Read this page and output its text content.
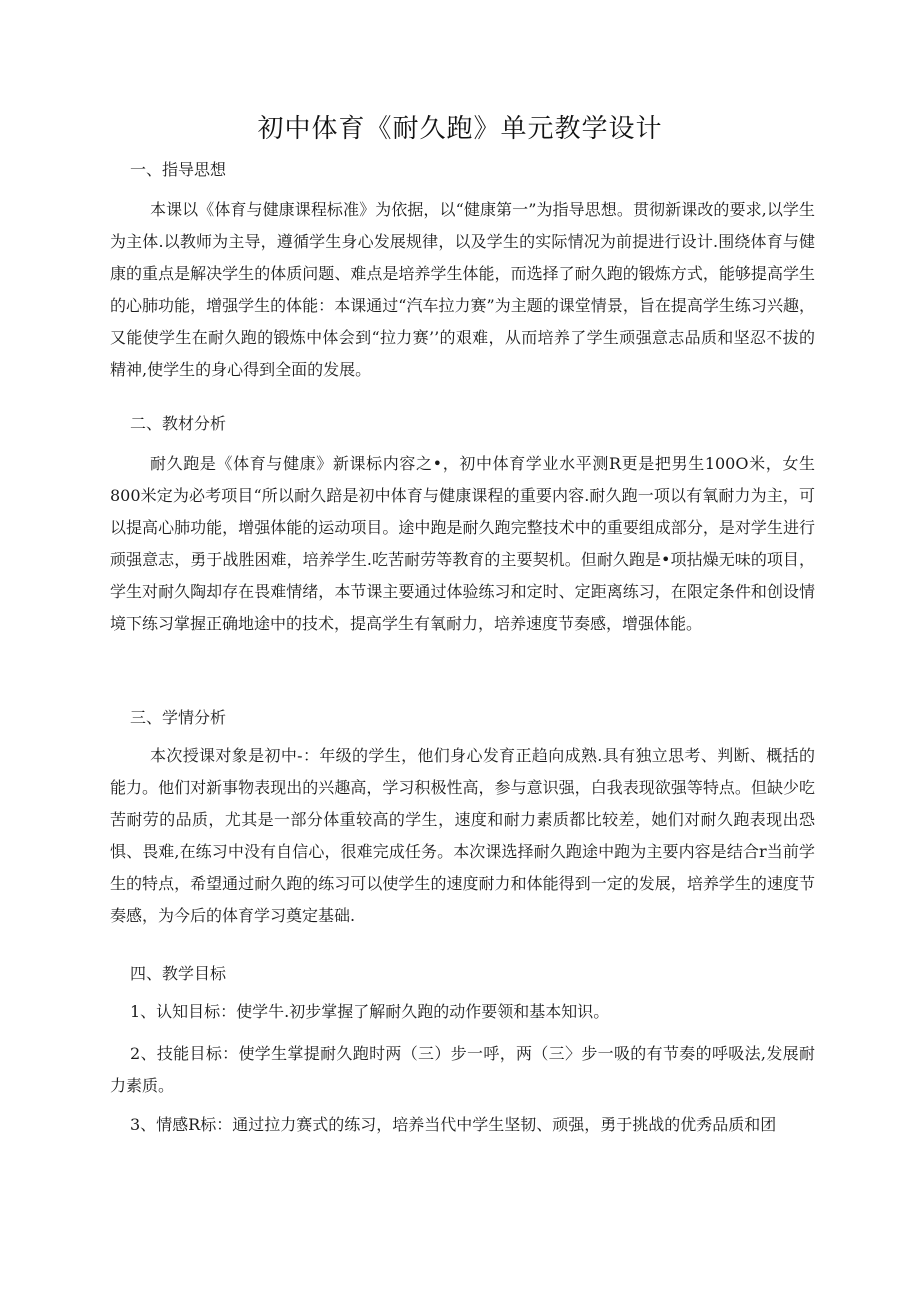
初中体育《耐久跑》单元教学设计

一、指导思想

本课以《体育与健康课程标准》为依据，以“健康第一”为指导思想。贯彻新课改的要求,以学生为主体.以教师为主导，遵循学生身心发展规律，以及学生的实际情况为前提进行设计.围绕体育与健康的重点是解决学生的体质问题、难点是培养学生体能，而选择了耐久跑的锻炼方式，能够提高学生的心肺功能，增强学生的体能：本课通过“汽车拉力赛”为主题的课堂情景，旨在提高学生练习兴趣，又能使学生在耐久跑的锻炼中体会到“拉力赛’’的艰难，从而培养了学生顽强意志品质和坚忍不拔的精神,使学生的身心得到全面的发展。

二、教材分析

耐久跑是《体育与健康》新课标内容之•，初中体育学业水平测R更是把男生100O米，女生800米定为必考项目“所以耐久踣是初中体育与健康课程的重要内容.耐久跑一项以有氧耐力为主，可以提高心肺功能，增强体能的运动项目。途中跑是耐久跑完整技术中的重要组成部分，是对学生进行顽强意志，勇于战胜困难，培养学生.吃苦耐劳等教育的主要契机。但耐久跑是•项拈燥无味的项目，学生对耐久陶却存在畏难情绪，本节课主要通过体验练习和定时、定距离练习，在限定条件和创设情境下练习掌握正确地途中的技术，提高学生有氧耐力，培养速度节奏感，增强体能。

三、学情分析

本次授课对象是初中-：年级的学生，他们身心发育正趋向成熟.具有独立思考、判断、概括的能力。他们对新事物表现出的兴趣高，学习积极性高，参与意识强，白我表现欲强等特点。但缺少吃苦耐劳的品质，尤其是一部分体重较高的学生，速度和耐力素质都比较差，她们对耐久跑表现出恐惧、畏难,在练习中没有自信心，很难完成任务。本次课选择耐久跑途中跑为主要内容是结合r当前学生的特点，希望通过耐久跑的练习可以使学生的速度耐力和体能得到一定的发展，培养学生的速度节奏感，为今后的体育学习奠定基础.

四、教学目标

1、认知目标：使学牛.初步掌握了解耐久跑的动作要领和基本知识。

2、技能目标：使学生掌提耐久跑时两（三）步一呼，两（三〉步一吸的有节奏的呼吸法,发展耐力素质。

3、情感R标：通过拉力赛式的练习，培养当代中学生坚韧、顽强，勇于挑战的优秀品质和团
